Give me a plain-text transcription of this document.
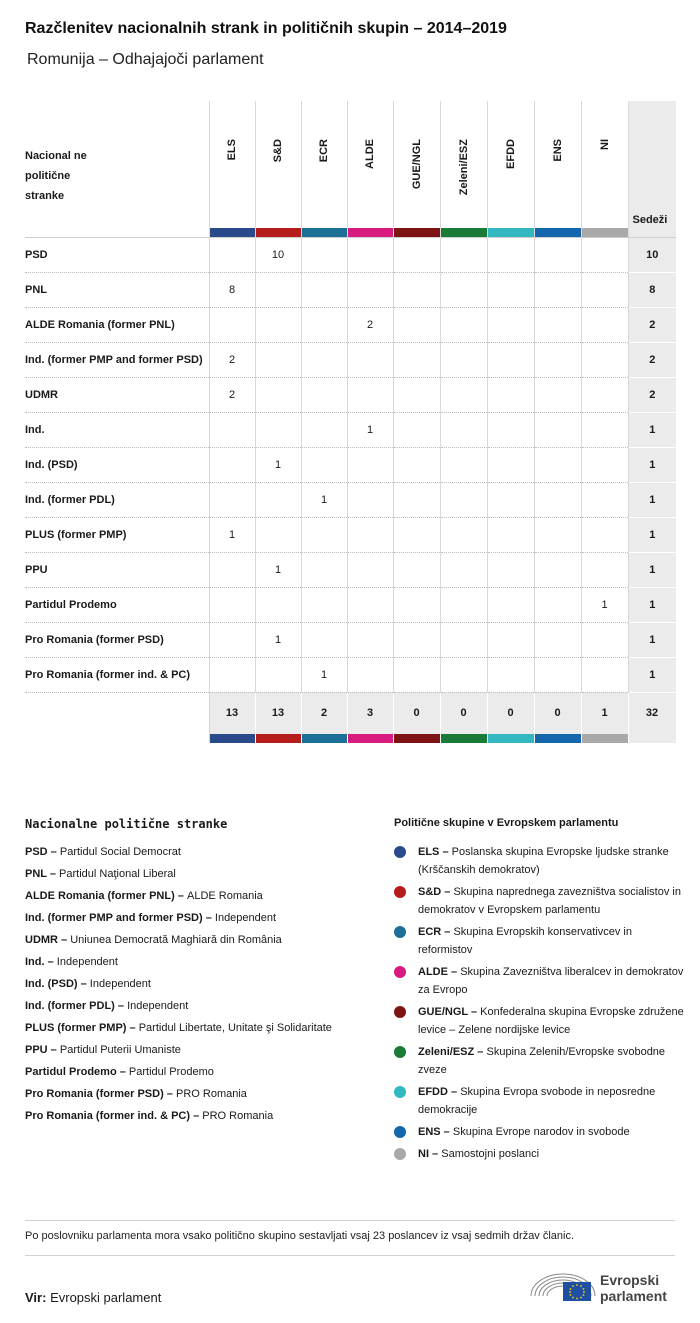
Razčlenitev nacionalnih strank in političnih skupin – 2014–2019
Romunija – Odhajajoči parlament
Nacional ne politične stranke	ELS	S&D	ECR	ALDE	GUE/NGL	Zeleni/ESZ	EFDD	ENS	NI	Sedeži

PSD		10								10
PNL	8									8
ALDE Romania (former PNL)				2						2
Ind. (former PMP and former PSD)	2									2
UDMR	2									2
Ind.				1						1
Ind. (PSD)		1								1
Ind. (former PDL)			1							1
PLUS (former PMP)	1									1
PPU		1								1
Partidul Prodemo									1	1
Pro Romania (former PSD)		1								1
Pro Romania (former ind. & PC)			1							1
	13	13	2	3	0	0	0	0	1	32

Nacionalne politične stranke
PSD – Partidul Social Democrat
PNL – Partidul Naţional Liberal
ALDE Romania (former PNL) – ALDE Romania
Ind. (former PMP and former PSD) – Independent
UDMR – Uniunea Democrată Maghiară din România
Ind. – Independent
Ind. (PSD) – Independent
Ind. (former PDL) – Independent
PLUS (former PMP) – Partidul Libertate, Unitate şi Solidaritate
PPU – Partidul Puterii Umaniste
Partidul Prodemo – Partidul Prodemo
Pro Romania (former PSD) – PRO Romania
Pro Romania (former ind. & PC) – PRO Romania
Politične skupine v Evropskem parlamentu
ELS – Poslanska skupina Evropske ljudske stranke (Krščanskih demokratov)
S&D – Skupina naprednega zavezništva socialistov in demokratov v Evropskem parlamentu
ECR – Skupina Evropskih konservativcev in reformistov
ALDE – Skupina Zavezništva liberalcev in demokratov za Evropo
GUE/NGL – Konfederalna skupina Evropske združene levice – Zelene nordijske levice
Zeleni/ESZ – Skupina Zelenih/Evropske svobodne zveze
EFDD – Skupina Evropa svobode in neposredne demokracije
ENS – Skupina Evrope narodov in svobode
NI – Samostojni poslanci
Po poslovniku parlamenta mora vsako politično skupino sestavljati vsaj 23 poslancev iz vsaj sedmih držav članic.
Vir: Evropski parlament
Evropski
parlament
